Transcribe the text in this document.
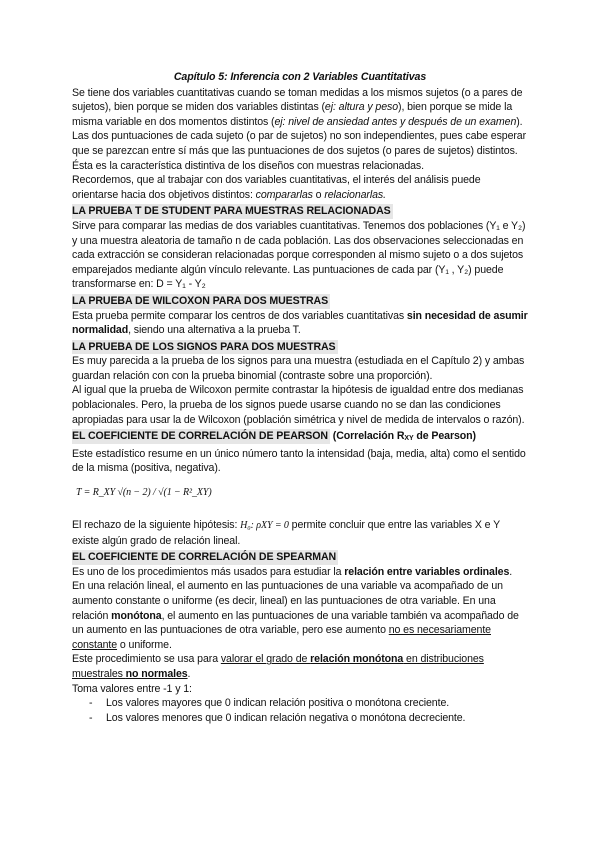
Capítulo 5: Inferencia con 2 Variables Cuantitativas

Se tiene dos variables cuantitativas cuando se toman medidas a los mismos sujetos (o a pares de sujetos), bien porque se miden dos variables distintas (ej: altura y peso), bien porque se mide la misma variable en dos momentos distintos (ej: nivel de ansiedad antes y después de un examen).

Las dos puntuaciones de cada sujeto (o par de sujetos) no son independientes, pues cabe esperar que se parezcan entre sí más que las puntuaciones de dos sujetos (o pares de sujetos) distintos. Ésta es la característica distintiva de los diseños con muestras relacionadas.

Recordemos, que al trabajar con dos variables cuantitativas, el interés del análisis puede orientarse hacia dos objetivos distintos: compararlas o relacionarlas.

LA PRUEBA T DE STUDENT PARA MUESTRAS RELACIONADAS

Sirve para comparar las medias de dos variables cuantitativas. Tenemos dos poblaciones (Y₁ e Y₂) y una muestra aleatoria de tamaño n de cada población. Las dos observaciones seleccionadas en cada extracción se consideran relacionadas porque corresponden al mismo sujeto o a dos sujetos emparejados mediante algún vínculo relevante. Las puntuaciones de cada par (Y₁ , Y₂) puede transformarse en: D = Y₁ - Y₂

LA PRUEBA DE WILCOXON PARA DOS MUESTRAS

Esta prueba permite comparar los centros de dos variables cuantitativas sin necesidad de asumir normalidad, siendo una alternativa a la prueba T.

LA PRUEBA DE LOS SIGNOS PARA DOS MUESTRAS

Es muy parecida a la prueba de los signos para una muestra (estudiada en el Capítulo 2) y ambas guardan relación con con la prueba binomial (contraste sobre una proporción).

Al igual que la prueba de Wilcoxon permite contrastar la hipótesis de igualdad entre dos medianas poblacionales. Pero, la prueba de los signos puede usarse cuando no se dan las condiciones apropiadas para usar la de Wilcoxon (población simétrica y nivel de medida de intervalos o razón).

EL COEFICIENTE DE CORRELACIÓN DE PEARSON (Correlación RXY de Pearson)

Este estadístico resume en un único número tanto la intensidad (baja, media, alta) como el sentido de la misma (positiva, negativa).

T = R_XY √(n − 2) / √(1 − R²_XY)

El rechazo de la siguiente hipótesis: H₀: ρXY = 0 permite concluir que entre las variables X e Y existe algún grado de relación lineal.

EL COEFICIENTE DE CORRELACIÓN DE SPEARMAN

Es uno de los procedimientos más usados para estudiar la relación entre variables ordinales.

En una relación lineal, el aumento en las puntuaciones de una variable va acompañado de un aumento constante o uniforme (es decir, lineal) en las puntuaciones de otra variable. En una relación monótona, el aumento en las puntuaciones de una variable también va acompañado de un aumento en las puntuaciones de otra variable, pero ese aumento no es necesariamente constante o uniforme.

Este procedimiento se usa para valorar el grado de relación monótona en distribuciones muestrales no normales.

Toma valores entre -1 y 1:

- Los valores mayores que 0 indican relación positiva o monótona creciente.
- Los valores menores que 0 indican relación negativa o monótona decreciente.
